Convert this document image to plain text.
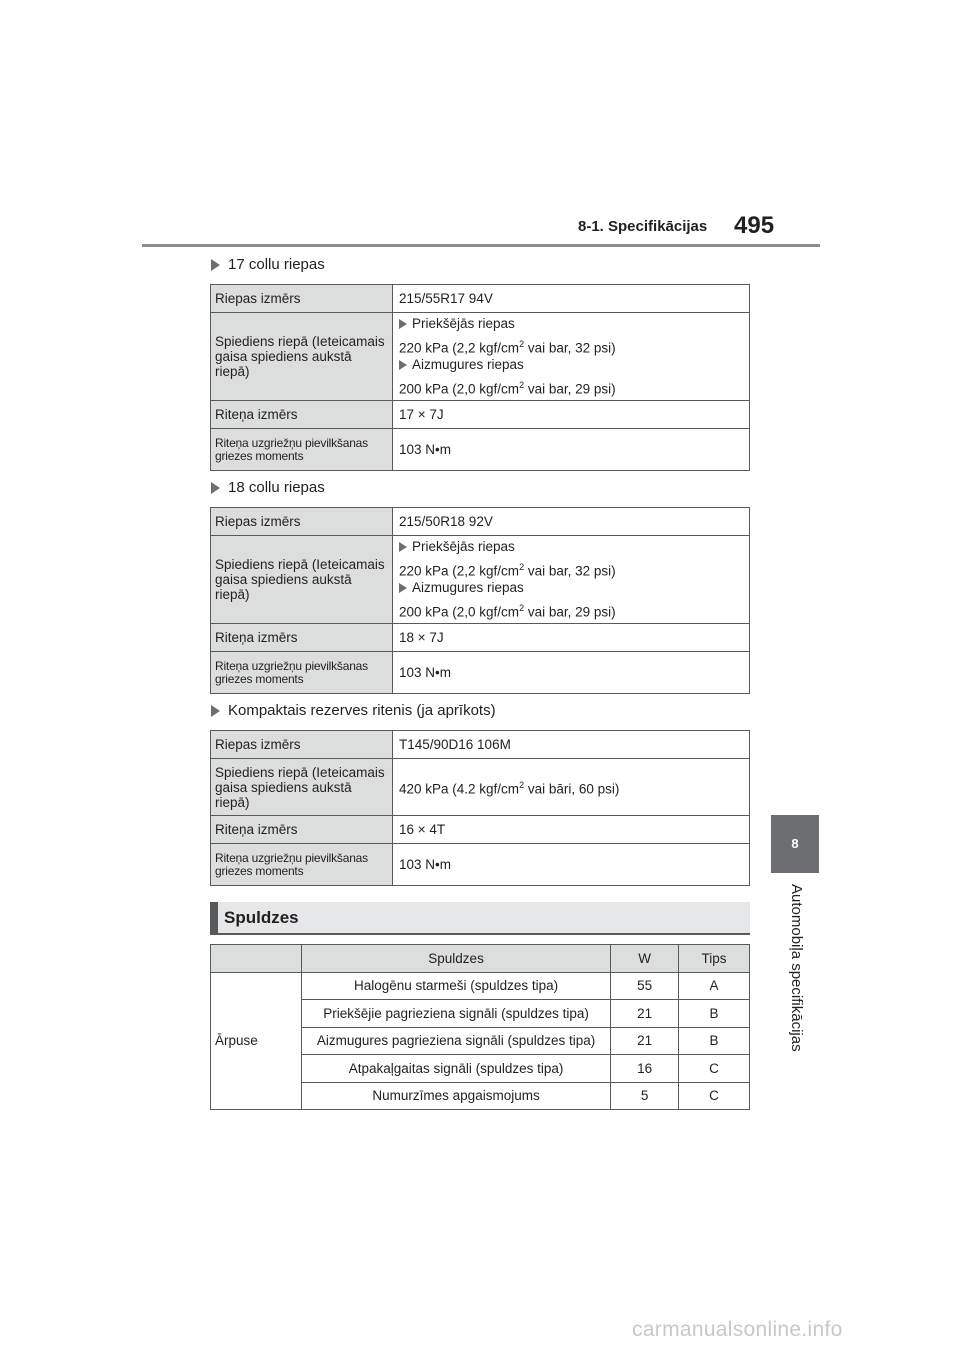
8-1. Specifikācijas 495
8
Automobiļa specifikācijas
17 collu riepas
Riepas izmērs	215/55R17 94V
Spiediens riepā (Ieteicamais gaisa spiediens aukstā riepā)	Priekšējās riepas
220 kPa (2,2 kgf/$cm^2$ vai bar, 32 psi)
Aizmugures riepas
200 kPa (2,0 kgf/$cm^2$ vai bar, 29 psi)

Riteņa izmērs	17 × 7J

Riteņa uzgriežņu pievilkšanas
griezes moments	103 N•m
18 collu riepas
Riepas izmērs	215/50R18 92V
Spiediens riepā (Ieteicamais gaisa spiediens aukstā riepā)	Priekšējās riepas
220 kPa (2,2 kgf/$cm^2$ vai bar, 32 psi)
Aizmugures riepas
200 kPa (2,0 kgf/$cm^2$ vai bar, 29 psi)

Riteņa izmērs	18 × 7J

Riteņa uzgriežņu pievilkšanas
griezes moments	103 N•m
Kompaktais rezerves ritenis (ja aprīkots)
Riepas izmērs	T145/90D16 106M
Spiediens riepā (Ieteicamais gaisa spiediens aukstā riepā)	420 kPa (4.2 kgf/$cm^2$ vai bāri, 60 psi)
Riteņa izmērs	16 × 4T

Riteņa uzgriežņu pievilkšanas
griezes moments	103 N•m
Spuldzes
	Spuldzes	W	Tips
Ārpuse	Halogēnu starmeši (spuldzes tipa)	55	A
	Priekšējie pagrieziena signāli (spuldzes tipa)	21	B
	Aizmugures pagrieziena signāli (spuldzes tipa)	21	B
	Atpakaļgaitas signāli (spuldzes tipa)	16	C
	Numurzīmes apgaismojums	5	C
carmanualsonline.info
